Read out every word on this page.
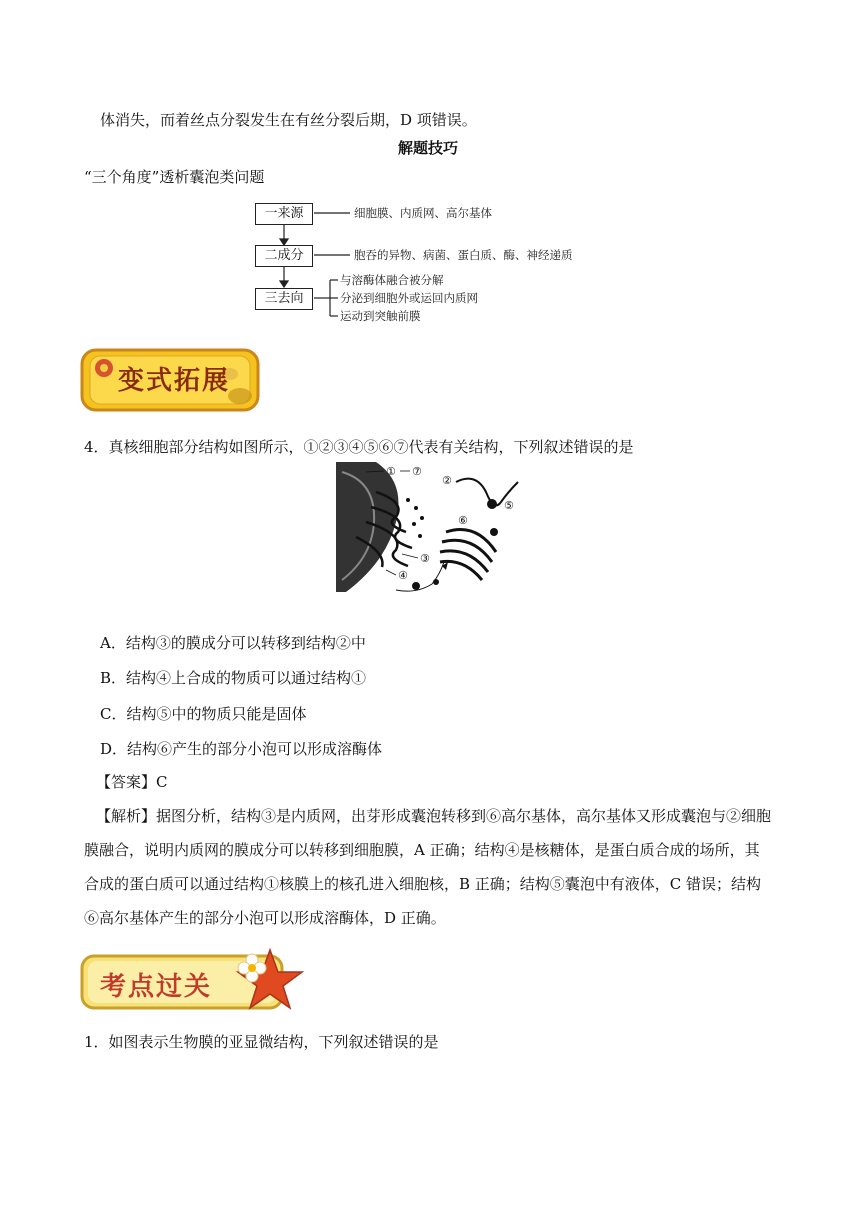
体消失，而着丝点分裂发生在有丝分裂后期，D 项错误。
解题技巧
“三个角度”透析囊泡类问题
一来源
二成分
三去向
细胞膜、内质网、高尔基体
胞吞的异物、病菌、蛋白质、酶、神经递质
与溶酶体融合被分解
分泌到细胞外或运回内质网
运动到突触前膜
变式拓展
4．真核细胞部分结构如图所示，①②③④⑤⑥⑦代表有关结构，下列叙述错误的是
① ⑦
②
⑥
⑤
③
④
A．结构③的膜成分可以转移到结构②中
B．结构④上合成的物质可以通过结构①
C．结构⑤中的物质只能是固体
D．结构⑥产生的部分小泡可以形成溶酶体
【答案】C
【解析】据图分析，结构③是内质网，出芽形成囊泡转移到⑥高尔基体，高尔基体又形成囊泡与②细胞
膜融合，说明内质网的膜成分可以转移到细胞膜，A 正确；结构④是核糖体，是蛋白质合成的场所，其
合成的蛋白质可以通过结构①核膜上的核孔进入细胞核，B 正确；结构⑤囊泡中有液体，C 错误；结构
⑥高尔基体产生的部分小泡可以形成溶酶体，D 正确。
考点过关
1．如图表示生物膜的亚显微结构，下列叙述错误的是
